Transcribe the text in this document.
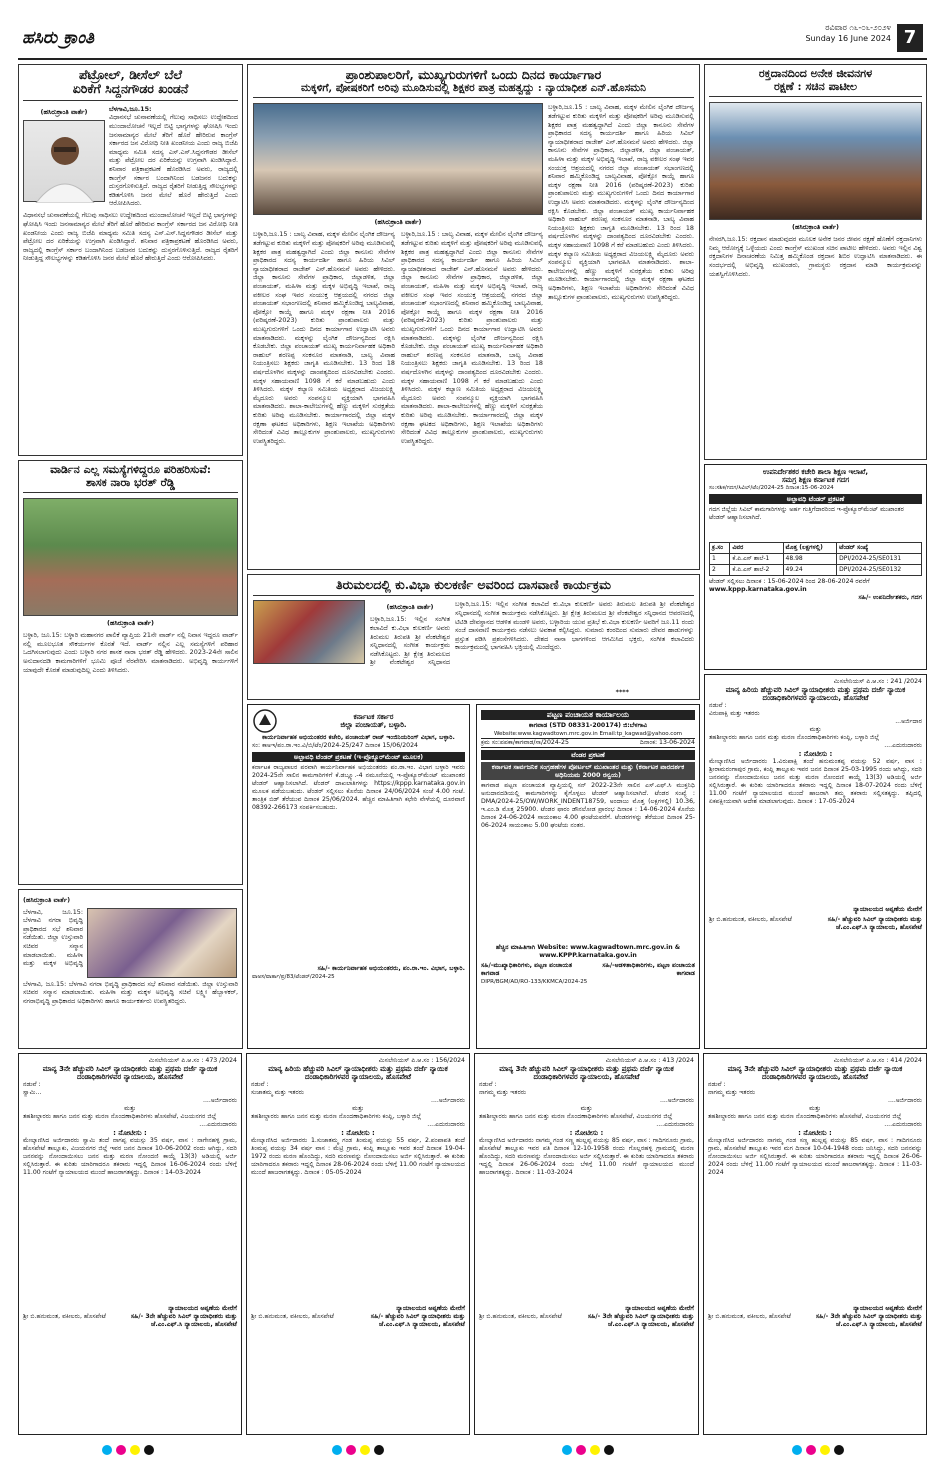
ಹಸಿರು ಕ್ರಾಂತಿ
ರವಿವಾರ ೧೬-೦೬-೨೦೨೪
Sunday 16 June 2024 7
ಪೆಟ್ರೋಲ್, ಡೀಸೆಲ್ ಬೆಲೆ
ಏರಿಕೆಗೆ ಸಿದ್ದನಗೌಡರ ಖಂಡನೆ
(ಹಸಿರುಕ್ರಾಂತಿ ವಾರ್ತೆ)	ಬೆಳಗಾವಿ,ಜೂ.15:
ವಿಧಾನಸಭೆ ಚುನಾವಣೆಯಲ್ಲಿ ಗೆಲುವು ಸಾಧಿಸಲು ಉದ್ದೇಶದಿಂದ ಮುಂದಾಲೋಚನೆ ಇಲ್ಲದೆ ಬಿಟ್ಟಿ ಭಾಗ್ಯಗಳನ್ನು ಘೋಷಿಸಿ ಇಂದು ಜನಸಾಮಾನ್ಯರ ಮೇಲೆ ತೆರಿಗೆ ಹೊರೆ ಹೇರಿರುವ ಕಾಂಗ್ರೆಸ್ ಸರ್ಕಾರದ ಜನ ವಿರೋಧಿ ನೀತಿ ಖಂಡನೀಯ ಎಂದು ರಾಜ್ಯ ಬಿಜೆಪಿ ಮಾಧ್ಯಮ ಸಮಿತಿ ಸದಸ್ಯ ಎಸ್.ಎಸ್.ಸಿದ್ದನಗೌಡರ ಡೀಸೆಲ್ ಮತ್ತು ಪೆಟ್ರೋಲ ದರ ಏರಿಕೆಯನ್ನು ಉಗ್ರವಾಗಿ ಖಂಡಿಸಿದ್ದಾರೆ. ಶನಿವಾರ ಪತ್ರಿಕಾಪ್ರಕಟಣೆ ಹೊರಡಿಸಿದ ಅವರು, ರಾಜ್ಯದಲ್ಲಿ ಕಾಂಗ್ರೆಸ್ ಸರ್ಕಾರ ಬಂದಾಗಿನಿಂದ ಬಡಜನರ ಬದುಕನ್ನು ದುಸ್ತರಗೊಳಿಸುತ್ತಿದೆ. ರಾಜ್ಯದ ರೈತರಿಗೆ ನೀಡುತ್ತಿದ್ದ ಸೌಲಭ್ಯಗಳನ್ನು ಕಡಿತಗೊಳಿಸಿ ಜನರ ಮೇಲೆ ಹೊರೆ ಹೇರುತ್ತಿದೆ ಎಂದು ಆರೋಪಿಸಿದರು.
ವಿಧಾನಸಭೆ ಚುನಾವಣೆಯಲ್ಲಿ ಗೆಲುವು ಸಾಧಿಸಲು ಉದ್ದೇಶದಿಂದ ಮುಂದಾಲೋಚನೆ ಇಲ್ಲದೆ ಬಿಟ್ಟಿ ಭಾಗ್ಯಗಳನ್ನು ಘೋಷಿಸಿ ಇಂದು ಜನಸಾಮಾನ್ಯರ ಮೇಲೆ ತೆರಿಗೆ ಹೊರೆ ಹೇರಿರುವ ಕಾಂಗ್ರೆಸ್ ಸರ್ಕಾರದ ಜನ ವಿರೋಧಿ ನೀತಿ ಖಂಡನೀಯ ಎಂದು ರಾಜ್ಯ ಬಿಜೆಪಿ ಮಾಧ್ಯಮ ಸಮಿತಿ ಸದಸ್ಯ ಎಸ್.ಎಸ್.ಸಿದ್ದನಗೌಡರ ಡೀಸೆಲ್ ಮತ್ತು ಪೆಟ್ರೋಲ ದರ ಏರಿಕೆಯನ್ನು ಉಗ್ರವಾಗಿ ಖಂಡಿಸಿದ್ದಾರೆ. ಶನಿವಾರ ಪತ್ರಿಕಾಪ್ರಕಟಣೆ ಹೊರಡಿಸಿದ ಅವರು, ರಾಜ್ಯದಲ್ಲಿ ಕಾಂಗ್ರೆಸ್ ಸರ್ಕಾರ ಬಂದಾಗಿನಿಂದ ಬಡಜನರ ಬದುಕನ್ನು ದುಸ್ತರಗೊಳಿಸುತ್ತಿದೆ. ರಾಜ್ಯದ ರೈತರಿಗೆ ನೀಡುತ್ತಿದ್ದ ಸೌಲಭ್ಯಗಳನ್ನು ಕಡಿತಗೊಳಿಸಿ ಜನರ ಮೇಲೆ ಹೊರೆ ಹೇರುತ್ತಿದೆ ಎಂದು ಆರೋಪಿಸಿದರು.
ವಾರ್ಡಿನ ಎಲ್ಲ ಸಮಸ್ಯೆಗಳಿದ್ದರೂ ಪರಿಹರಿಸುವೆ:
ಶಾಸಕ ನಾರಾ ಭರತ್ ರೆಡ್ಡಿ
(ಹಸಿರುಕ್ರಾಂತಿ ವಾರ್ತೆ)
ಬಳ್ಳಾರಿ, ಜೂ.15: ಬಳ್ಳಾರಿ ಮಹಾನಗರ ಪಾಲಿಕೆ ವ್ಯಾಪ್ತಿಯ 21ನೇ ವಾರ್ಡ್ ನಲ್ಲಿ ನಿವಾಸ ಇದ್ದರೂ ವಾರ್ಡ್ ನಲ್ಲಿ ಮೂಲಭೂತ ಸೌಕರ್ಯಗಳ ಕೊರತೆ ಇದೆ. ವಾರ್ಡ್ ನಲ್ಲಿನ ಎಲ್ಲ ಸಮಸ್ಯೆಗಳಿಗೆ ಪರಿಹಾರ ಒದಗಿಸಲಾಗುವುದು ಎಂದು ಬಳ್ಳಾರಿ ನಗರ ಶಾಸಕ ನಾರಾ ಭರತ್ ರೆಡ್ಡಿ ಹೇಳಿದರು. 2023-24ನೇ ಸಾಲಿನ ಅನುದಾನದಡಿ ಕಾಮಗಾರಿಗಳಿಗೆ ಭೂಮಿ ಪೂಜೆ ನೆರವೇರಿಸಿ ಮಾತನಾಡಿದರು. ಅಭಿವೃದ್ಧಿ ಕಾರ್ಯಗಳಿಗೆ ಯಾವುದೇ ಕೊರತೆ ಮಾಡುವುದಿಲ್ಲ ಎಂದು ತಿಳಿಸಿದರು.
(ಹಸಿರುಕ್ರಾಂತಿ ವಾರ್ತೆ)
ಬೆಳಗಾವಿ, ಜೂ.15: ಬೆಳಗಾವಿ ನಗರಾ ಭಿವೃದ್ಧಿ ಪ್ರಾಧಿಕಾರದ ಸಭೆ ಶನಿವಾರ ನಡೆಯಿತು. ಜಿಲ್ಲಾ ಉಸ್ತುವಾರಿ ಸಚಿವರ ಸನ್ಮಾನ ಮಾಡಲಾಯಿತು. ಮಹಿಳಾ ಮತ್ತು ಮಕ್ಕಳ ಅಭಿವೃದ್ಧಿ
ಬೆಳಗಾವಿ, ಜೂ.15: ಬೆಳಗಾವಿ ನಗರಾ ಭಿವೃದ್ಧಿ ಪ್ರಾಧಿಕಾರದ ಸಭೆ ಶನಿವಾರ ನಡೆಯಿತು. ಜಿಲ್ಲಾ ಉಸ್ತುವಾರಿ ಸಚಿವರ ಸನ್ಮಾನ ಮಾಡಲಾಯಿತು. ಮಹಿಳಾ ಮತ್ತು ಮಕ್ಕಳ ಅಭಿವೃದ್ಧಿ ಸಚಿವೆ ಲಕ್ಷ್ಮೀ ಹೆಬ್ಬಾಳಕರ್, ನಗರಾಭಿವೃದ್ಧಿ ಪ್ರಾಧಿಕಾರದ ಅಧಿಕಾರಿಗಳು ಹಾಗೂ ಕಾರ್ಯಕರ್ತರು ಉಪಸ್ಥಿತರಿದ್ದರು.
ಪ್ರಾಂಶುಪಾಲರಿಗೆ, ಮುಖ್ಯಗುರುಗಳಿಗೆ ಒಂದು ದಿನದ ಕಾರ್ಯಾಗಾರ
ಮಕ್ಕಳಿಗೆ, ಪೋಷಕರಿಗೆ ಅರಿವು ಮೂಡಿಸುವಲ್ಲಿ ಶಿಕ್ಷಕರ ಪಾತ್ರ ಮಹತ್ವದ್ದು : ನ್ಯಾಯಾಧೀಶ ಎನ್.ಹೊಸಮನಿ
(ಹಸಿರುಕ್ರಾಂತಿ ವಾರ್ತೆ)
ಬಳ್ಳಾರಿ,ಜೂ.15 : ಬಾಲ್ಯ ವಿವಾಹ, ಮಕ್ಕಳ ಮೇಲಿನ ಲೈಂಗಿಕ ದೌರ್ಜನ್ಯ ತಡೆಗಟ್ಟುವ ಕುರಿತು ಮಕ್ಕಳಿಗೆ ಮತ್ತು ಪೋಷಕರಿಗೆ ಅರಿವು ಮೂಡಿಸುವಲ್ಲಿ ಶಿಕ್ಷಕರ ಪಾತ್ರ ಮಹತ್ವದ್ದಾಗಿದೆ ಎಂದು ಜಿಲ್ಲಾ ಕಾನೂನು ಸೇವೆಗಳ ಪ್ರಾಧಿಕಾರದ ಸದಸ್ಯ ಕಾರ್ಯದರ್ಶಿ ಹಾಗೂ ಹಿರಿಯ ಸಿವಿಲ್ ನ್ಯಾಯಾಧೀಶರಾದ ರಾಜೇಶ್ ಎನ್.ಹೊಸಮನೆ ಅವರು ಹೇಳಿದರು. ಜಿಲ್ಲಾ ಕಾನೂನು ಸೇವೆಗಳ ಪ್ರಾಧಿಕಾರ, ಜಿಲ್ಲಾಡಳಿತ, ಜಿಲ್ಲಾ ಪಂಚಾಯತ್, ಮಹಿಳಾ ಮತ್ತು ಮಕ್ಕಳ ಅಭಿವೃದ್ಧಿ ಇಲಾಖೆ, ರಾಜ್ಯ ವಕೀಲರ ಸಂಘ ಇವರ ಸಂಯುಕ್ತ ಆಶ್ರಯದಲ್ಲಿ ನಗರದ ಜಿಲ್ಲಾ ಪಂಚಾಯತ್ ಸಭಾಂಗಣದಲ್ಲಿ ಶನಿವಾರ ಹಮ್ಮಿಕೊಂಡಿದ್ದ ಬಾಲ್ಯವಿವಾಹ, ಪೋಕ್ಸೋ ಕಾಯ್ದೆ ಹಾಗೂ ಮಕ್ಕಳ ರಕ್ಷಣಾ ನೀತಿ 2016 (ಪರಿಷ್ಕರಣೆ-2023) ಕುರಿತು ಪ್ರಾಂಶುಪಾಲರು ಮತ್ತು ಮುಖ್ಯಗುರುಗಳಿಗೆ ಒಂದು ದಿನದ ಕಾರ್ಯಾಗಾರ ಉದ್ಘಾಟಿಸಿ ಅವರು ಮಾತನಾಡಿದರು. ಮಕ್ಕಳನ್ನು ಲೈಂಗಿಕ ದೌರ್ಜನ್ಯದಿಂದ ರಕ್ಷಿಸಿ ಕೊಡಬೇಕು. ಜಿಲ್ಲಾ ಪಂಚಾಯತ್ ಮುಖ್ಯ ಕಾರ್ಯನಿರ್ವಾಹಕ ಅಧಿಕಾರಿ ರಾಹುಲ್ ಶರಣಪ್ಪ ಸಂಕನೂರ ಮಾತನಾಡಿ, ಬಾಲ್ಯ ವಿವಾಹ ನಿಯಂತ್ರಿಸಲು ಶಿಕ್ಷಕರು ಜಾಗೃತಿ ಮೂಡಿಸಬೇಕು. 13 ರಿಂದ 18 ವರ್ಷದೊಳಗಿನ ಮಕ್ಕಳನ್ನು ದಾಂಪತ್ಯದಿಂದ ದೂರವಿಡಬೇಕು ಎಂದರು. ಮಕ್ಕಳ ಸಹಾಯವಾಣಿ 1098 ಗೆ ಕರೆ ಮಾಡಬಹುದು ಎಂದು ತಿಳಿಸಿದರು. ಮಕ್ಕಳ ಕಲ್ಯಾಣ ಸಮಿತಿಯ ಅಧ್ಯಕ್ಷರಾದ ವಿಜಯಲಕ್ಷ್ಮಿ ಮೈದೂರು ಅವರು ಸಂಪನ್ಮೂಲ ವ್ಯಕ್ತಿಯಾಗಿ ಭಾಗವಹಿಸಿ ಮಾತನಾಡಿದರು. ಶಾಲಾ-ಕಾಲೇಜುಗಳಲ್ಲಿ ಹೆಣ್ಣು ಮಕ್ಕಳಿಗೆ ಸುರಕ್ಷತೆಯ ಕುರಿತು ಅರಿವು ಮೂಡಿಸಬೇಕು. ಕಾರ್ಯಾಗಾರದಲ್ಲಿ ಜಿಲ್ಲಾ ಮಕ್ಕಳ ರಕ್ಷಣಾ ಘಟಕದ ಅಧಿಕಾರಿಗಳು, ಶಿಕ್ಷಣ ಇಲಾಖೆಯ ಅಧಿಕಾರಿಗಳು ಸೇರಿದಂತೆ ವಿವಿಧ ತಾಲ್ಲೂಕುಗಳ ಪ್ರಾಂಶುಪಾಲರು, ಮುಖ್ಯಗುರುಗಳು ಉಪಸ್ಥಿತರಿದ್ದರು.
ಬಳ್ಳಾರಿ,ಜೂ.15 : ಬಾಲ್ಯ ವಿವಾಹ, ಮಕ್ಕಳ ಮೇಲಿನ ಲೈಂಗಿಕ ದೌರ್ಜನ್ಯ ತಡೆಗಟ್ಟುವ ಕುರಿತು ಮಕ್ಕಳಿಗೆ ಮತ್ತು ಪೋಷಕರಿಗೆ ಅರಿವು ಮೂಡಿಸುವಲ್ಲಿ ಶಿಕ್ಷಕರ ಪಾತ್ರ ಮಹತ್ವದ್ದಾಗಿದೆ ಎಂದು ಜಿಲ್ಲಾ ಕಾನೂನು ಸೇವೆಗಳ ಪ್ರಾಧಿಕಾರದ ಸದಸ್ಯ ಕಾರ್ಯದರ್ಶಿ ಹಾಗೂ ಹಿರಿಯ ಸಿವಿಲ್ ನ್ಯಾಯಾಧೀಶರಾದ ರಾಜೇಶ್ ಎನ್.ಹೊಸಮನೆ ಅವರು ಹೇಳಿದರು. ಜಿಲ್ಲಾ ಕಾನೂನು ಸೇವೆಗಳ ಪ್ರಾಧಿಕಾರ, ಜಿಲ್ಲಾಡಳಿತ, ಜಿಲ್ಲಾ ಪಂಚಾಯತ್, ಮಹಿಳಾ ಮತ್ತು ಮಕ್ಕಳ ಅಭಿವೃದ್ಧಿ ಇಲಾಖೆ, ರಾಜ್ಯ ವಕೀಲರ ಸಂಘ ಇವರ ಸಂಯುಕ್ತ ಆಶ್ರಯದಲ್ಲಿ ನಗರದ ಜಿಲ್ಲಾ ಪಂಚಾಯತ್ ಸಭಾಂಗಣದಲ್ಲಿ ಶನಿವಾರ ಹಮ್ಮಿಕೊಂಡಿದ್ದ ಬಾಲ್ಯವಿವಾಹ, ಪೋಕ್ಸೋ ಕಾಯ್ದೆ ಹಾಗೂ ಮಕ್ಕಳ ರಕ್ಷಣಾ ನೀತಿ 2016 (ಪರಿಷ್ಕರಣೆ-2023) ಕುರಿತು ಪ್ರಾಂಶುಪಾಲರು ಮತ್ತು ಮುಖ್ಯಗುರುಗಳಿಗೆ ಒಂದು ದಿನದ ಕಾರ್ಯಾಗಾರ ಉದ್ಘಾಟಿಸಿ ಅವರು ಮಾತನಾಡಿದರು. ಮಕ್ಕಳನ್ನು ಲೈಂಗಿಕ ದೌರ್ಜನ್ಯದಿಂದ ರಕ್ಷಿಸಿ ಕೊಡಬೇಕು. ಜಿಲ್ಲಾ ಪಂಚಾಯತ್ ಮುಖ್ಯ ಕಾರ್ಯನಿರ್ವಾಹಕ ಅಧಿಕಾರಿ ರಾಹುಲ್ ಶರಣಪ್ಪ ಸಂಕನೂರ ಮಾತನಾಡಿ, ಬಾಲ್ಯ ವಿವಾಹ ನಿಯಂತ್ರಿಸಲು ಶಿಕ್ಷಕರು ಜಾಗೃತಿ ಮೂಡಿಸಬೇಕು. 13 ರಿಂದ 18 ವರ್ಷದೊಳಗಿನ ಮಕ್ಕಳನ್ನು ದಾಂಪತ್ಯದಿಂದ ದೂರವಿಡಬೇಕು ಎಂದರು. ಮಕ್ಕಳ ಸಹಾಯವಾಣಿ 1098 ಗೆ ಕರೆ ಮಾಡಬಹುದು ಎಂದು ತಿಳಿಸಿದರು. ಮಕ್ಕಳ ಕಲ್ಯಾಣ ಸಮಿತಿಯ ಅಧ್ಯಕ್ಷರಾದ ವಿಜಯಲಕ್ಷ್ಮಿ ಮೈದೂರು ಅವರು ಸಂಪನ್ಮೂಲ ವ್ಯಕ್ತಿಯಾಗಿ ಭಾಗವಹಿಸಿ ಮಾತನಾಡಿದರು. ಶಾಲಾ-ಕಾಲೇಜುಗಳಲ್ಲಿ ಹೆಣ್ಣು ಮಕ್ಕಳಿಗೆ ಸುರಕ್ಷತೆಯ ಕುರಿತು ಅರಿವು ಮೂಡಿಸಬೇಕು. ಕಾರ್ಯಾಗಾರದಲ್ಲಿ ಜಿಲ್ಲಾ ಮಕ್ಕಳ ರಕ್ಷಣಾ ಘಟಕದ ಅಧಿಕಾರಿಗಳು, ಶಿಕ್ಷಣ ಇಲಾಖೆಯ ಅಧಿಕಾರಿಗಳು ಸೇರಿದಂತೆ ವಿವಿಧ ತಾಲ್ಲೂಕುಗಳ ಪ್ರಾಂಶುಪಾಲರು, ಮುಖ್ಯಗುರುಗಳು ಉಪಸ್ಥಿತರಿದ್ದರು.
ಬಳ್ಳಾರಿ,ಜೂ.15 : ಬಾಲ್ಯ ವಿವಾಹ, ಮಕ್ಕಳ ಮೇಲಿನ ಲೈಂಗಿಕ ದೌರ್ಜನ್ಯ ತಡೆಗಟ್ಟುವ ಕುರಿತು ಮಕ್ಕಳಿಗೆ ಮತ್ತು ಪೋಷಕರಿಗೆ ಅರಿವು ಮೂಡಿಸುವಲ್ಲಿ ಶಿಕ್ಷಕರ ಪಾತ್ರ ಮಹತ್ವದ್ದಾಗಿದೆ ಎಂದು ಜಿಲ್ಲಾ ಕಾನೂನು ಸೇವೆಗಳ ಪ್ರಾಧಿಕಾರದ ಸದಸ್ಯ ಕಾರ್ಯದರ್ಶಿ ಹಾಗೂ ಹಿರಿಯ ಸಿವಿಲ್ ನ್ಯಾಯಾಧೀಶರಾದ ರಾಜೇಶ್ ಎನ್.ಹೊಸಮನೆ ಅವರು ಹೇಳಿದರು. ಜಿಲ್ಲಾ ಕಾನೂನು ಸೇವೆಗಳ ಪ್ರಾಧಿಕಾರ, ಜಿಲ್ಲಾಡಳಿತ, ಜಿಲ್ಲಾ ಪಂಚಾಯತ್, ಮಹಿಳಾ ಮತ್ತು ಮಕ್ಕಳ ಅಭಿವೃದ್ಧಿ ಇಲಾಖೆ, ರಾಜ್ಯ ವಕೀಲರ ಸಂಘ ಇವರ ಸಂಯುಕ್ತ ಆಶ್ರಯದಲ್ಲಿ ನಗರದ ಜಿಲ್ಲಾ ಪಂಚಾಯತ್ ಸಭಾಂಗಣದಲ್ಲಿ ಶನಿವಾರ ಹಮ್ಮಿಕೊಂಡಿದ್ದ ಬಾಲ್ಯವಿವಾಹ, ಪೋಕ್ಸೋ ಕಾಯ್ದೆ ಹಾಗೂ ಮಕ್ಕಳ ರಕ್ಷಣಾ ನೀತಿ 2016 (ಪರಿಷ್ಕರಣೆ-2023) ಕುರಿತು ಪ್ರಾಂಶುಪಾಲರು ಮತ್ತು ಮುಖ್ಯಗುರುಗಳಿಗೆ ಒಂದು ದಿನದ ಕಾರ್ಯಾಗಾರ ಉದ್ಘಾಟಿಸಿ ಅವರು ಮಾತನಾಡಿದರು. ಮಕ್ಕಳನ್ನು ಲೈಂಗಿಕ ದೌರ್ಜನ್ಯದಿಂದ ರಕ್ಷಿಸಿ ಕೊಡಬೇಕು. ಜಿಲ್ಲಾ ಪಂಚಾಯತ್ ಮುಖ್ಯ ಕಾರ್ಯನಿರ್ವಾಹಕ ಅಧಿಕಾರಿ ರಾಹುಲ್ ಶರಣಪ್ಪ ಸಂಕನೂರ ಮಾತನಾಡಿ, ಬಾಲ್ಯ ವಿವಾಹ ನಿಯಂತ್ರಿಸಲು ಶಿಕ್ಷಕರು ಜಾಗೃತಿ ಮೂಡಿಸಬೇಕು. 13 ರಿಂದ 18 ವರ್ಷದೊಳಗಿನ ಮಕ್ಕಳನ್ನು ದಾಂಪತ್ಯದಿಂದ ದೂರವಿಡಬೇಕು ಎಂದರು. ಮಕ್ಕಳ ಸಹಾಯವಾಣಿ 1098 ಗೆ ಕರೆ ಮಾಡಬಹುದು ಎಂದು ತಿಳಿಸಿದರು. ಮಕ್ಕಳ ಕಲ್ಯಾಣ ಸಮಿತಿಯ ಅಧ್ಯಕ್ಷರಾದ ವಿಜಯಲಕ್ಷ್ಮಿ ಮೈದೂರು ಅವರು ಸಂಪನ್ಮೂಲ ವ್ಯಕ್ತಿಯಾಗಿ ಭಾಗವಹಿಸಿ ಮಾತನಾಡಿದರು. ಶಾಲಾ-ಕಾಲೇಜುಗಳಲ್ಲಿ ಹೆಣ್ಣು ಮಕ್ಕಳಿಗೆ ಸುರಕ್ಷತೆಯ ಕುರಿತು ಅರಿವು ಮೂಡಿಸಬೇಕು. ಕಾರ್ಯಾಗಾರದಲ್ಲಿ ಜಿಲ್ಲಾ ಮಕ್ಕಳ ರಕ್ಷಣಾ ಘಟಕದ ಅಧಿಕಾರಿಗಳು, ಶಿಕ್ಷಣ ಇಲಾಖೆಯ ಅಧಿಕಾರಿಗಳು ಸೇರಿದಂತೆ ವಿವಿಧ ತಾಲ್ಲೂಕುಗಳ ಪ್ರಾಂಶುಪಾಲರು, ಮುಖ್ಯಗುರುಗಳು ಉಪಸ್ಥಿತರಿದ್ದರು.
ತಿರುಮಲದಲ್ಲಿ ಕು.ವಿಭಾ ಕುಲಕರ್ಣಿ ಅವರಿಂದ ದಾಸವಾಣಿ ಕಾರ್ಯಕ್ರಮ
(ಹಸಿರುಕ್ರಾಂತಿ ವಾರ್ತೆ)
ಬಳ್ಳಾರಿ,ಜೂ.15: ಇಲ್ಲಿನ ಸಂಗೀತ ಕಲಾವಿದೆ ಕು.ವಿಭಾ ಕುಲಕರ್ಣಿ ಅವರು ತಿರುಮಲ ತಿರುಪತಿ ಶ್ರೀ ವೆಂಕಟೇಶ್ವರ ಸನ್ನಿಧಾನದಲ್ಲಿ ಸಂಗೀತ ಕಾರ್ಯಕ್ರಮ ನಡೆಸಿಕೊಟ್ಟರು. ಶ್ರೀ ಕ್ಷೇತ್ರ ತಿರುಮಲದ ಶ್ರೀ ವೆಂಕಟೇಶ್ವರ ಸನ್ನಿಧಾನದ
ಬಳ್ಳಾರಿ,ಜೂ.15: ಇಲ್ಲಿನ ಸಂಗೀತ ಕಲಾವಿದೆ ಕು.ವಿಭಾ ಕುಲಕರ್ಣಿ ಅವರು ತಿರುಮಲ ತಿರುಪತಿ ಶ್ರೀ ವೆಂಕಟೇಶ್ವರ ಸನ್ನಿಧಾನದಲ್ಲಿ ಸಂಗೀತ ಕಾರ್ಯಕ್ರಮ ನಡೆಸಿಕೊಟ್ಟರು. ಶ್ರೀ ಕ್ಷೇತ್ರ ತಿರುಮಲದ ಶ್ರೀ ವೆಂಕಟೇಶ್ವರ ಸನ್ನಿಧಾನದ ಆವರಣದಲ್ಲಿ ಟಿಟಿಡಿ ದೇವಸ್ಥಾನದ ಆಡಳಿತ ಮಂಡಳಿ ಅವರು, ಬಳ್ಳಾರಿಯ ಯುವ ಪ್ರತಿಭೆ ಕು.ವಿಭಾ ಕುಲಕರ್ಣಿ ಅವರಿಗೆ ಜೂ.11 ರಂದು ಸಂಜೆ ದಾಸವಾಣಿ ಕಾರ್ಯಕ್ರಮ ನಡೆಸಲು ಅವಕಾಶ ಕಲ್ಪಿಸಿದ್ದರು. ಸುಮಾರು ಕಂಠದಿಂದ ಸುಮಾರು ದೇವರ ಹಾಡುಗಳನ್ನು ಪ್ರಸ್ತುತ ಪಡಿಸಿ ಪ್ರಶಂಸೆಗಳಿಸಿದರು. ದೇಶದ ನಾನಾ ಭಾಗಗಳಿಂದ ಆಗಮಿಸಿದ ಭಕ್ತರು, ಸಂಗೀತ ಕಲಾವಿದರು ಕಾರ್ಯಕ್ರಮದಲ್ಲಿ ಭಾಗವಹಿಸಿ ಭಕ್ತಿಯಲ್ಲಿ ಮಿಂದೆದ್ದರು.
****
ಕರ್ನಾಟಕ ಸರ್ಕಾರ
ಜಿಲ್ಲಾ ಪಂಚಾಯತ್, ಬಳ್ಳಾರಿ.
ಕಾರ್ಯನಿರ್ವಾಹಕ ಅಭಿಯಂತರರ ಕಚೇರಿ, ಪಂಚಾಯತ್ ರಾಜ್ ಇಂಜಿನಿಯರಿಂಗ್ ವಿಭಾಗ, ಬಳ್ಳಾರಿ.
ಸಂ: ಕಾಅಇ/ಪಂ.ರಾ.ಇಂ.ವಿ/ಬಿ/ಟೆಂ/2024-25/247 ದಿನಾಂಕ 15/06/2024
ಅಲ್ಪಾವಧಿ ಟೆಂಡರ್ ಪ್ರಕಟಣೆ (ಇ-ಪ್ರೊಕ್ಯೂರ್‌ಮೆಂಟ್ ಮೂಲಕ)
ಕರ್ನಾಟಕ ರಾಜ್ಯಪಾಲರ ಪರವಾಗಿ ಕಾರ್ಯನಿರ್ವಾಹಕ ಅಭಿಯಂತರರು ಪಂ.ರಾ.ಇಂ. ವಿಭಾಗ ಬಳ್ಳಾರಿ ಇವರು 2024-25ನೇ ಸಾಲಿನ ಕಾಮಗಾರಿಗಳಿಗೆ ಕೆ.ಡಬ್ಲ್ಯೂ.-4 ನಮೂನೆಯಲ್ಲಿ ಇ-ಪ್ರೊಕ್ಯೂರ್‌ಮೆಂಟ್ ಮುಖಾಂತರ ಟೆಂಡರ್ ಆಹ್ವಾನಿಸಲಾಗಿದೆ. ಟೆಂಡರ್ ದಾಖಲಾತಿಗಳನ್ನು https://kppp.karnataka.gov.in ಮೂಲಕ ಪಡೆಯಬಹುದು. ಟೆಂಡರ್ ಸಲ್ಲಿಸಲು ಕೊನೆಯ ದಿನಾಂಕ 24/06/2024 ಸಂಜೆ 4.00 ಗಂಟೆ. ತಾಂತ್ರಿಕ ಬಿಡ್ ತೆರೆಯುವ ದಿನಾಂಕ 25/06/2024. ಹೆಚ್ಚಿನ ಮಾಹಿತಿಗಾಗಿ ಕಛೇರಿ ವೇಳೆಯಲ್ಲಿ ದೂರವಾಣಿ 08392-266173 ಸಂಪರ್ಕಿಸಬಹುದು.
ಸಹಿ/- ಕಾರ್ಯನಿರ್ವಾಹಕ ಅಭಿಯಂತರರು, ಪಂ.ರಾ.ಇಂ. ವಿಭಾಗ, ಬಳ್ಳಾರಿ.
ವಾಅಸ/ವಾರ್ತಾ/ಪ್ರ/83/ಟೆಂಡರ್/2024-25
ಪಟ್ಟಣ ಪಂಚಾಯತ ಕಾರ್ಯಾಲಯ
ಕಾಗವಾಡ (STD 08331-200174) ಜಿ:ಬೆಳಗಾವಿ
Website:www.kagwadtown.mrc.gov.in Email:tp_kagwad@yahoo.com
ಕ್ರಮ ಸಂ:ಪಪಕಾ/ಕಾಗವಾಡ/ಸಾ/2024-25	ದಿನಾಂಕ: 13-06-2024
ಟೆಂಡರ ಪ್ರಕಟಣೆ
ಕರ್ನಾಟಕ ಸಾರ್ವಜನಿಕ ಸಂಗ್ರಹಣೆಗಳ ಪೋರ್ಟಲ್ ಮುಖಾಂತರ ಮತ್ತು (ಕರ್ನಾಟಕ ಪಾರದರ್ಶಕ ಅಧಿನಿಯಮ 2000 ರನ್ವಯ)
ಕಾಗವಾಡ ಪಟ್ಟಣ ಪಂಚಾಯತ ವ್ಯಾಪ್ತಿಯಲ್ಲಿ ಸನ್ 2022-23ನೇ ಸಾಲಿನ ಎಸ್.ಎಫ್.ಸಿ ಮುಕ್ತನಿಧಿ ಅನುದಾನದಡಿಯಲ್ಲಿ ಕಾಮಗಾರಿಗಳನ್ನು ಕೈಗೊಳ್ಳಲು ಟೆಂಡರ್ ಆಹ್ವಾನಿಸಲಾಗಿದೆ. ಟೆಂಡರ ಸಂಖ್ಯೆ : DMA/2024-25/OW/WORK_INDENT18759, ಅಂದಾಜು ಮೊತ್ತ (ಲಕ್ಷಗಳಲ್ಲಿ) 10.36, ಇ.ಎಂ.ಡಿ ಮೊತ್ತ 25900. ಟೆಂಡರ ಫಾರಂ ಡೌನಲೋಡ ಪ್ರಾರಂಭ ದಿನಾಂಕ : 14-06-2024 ಕೊನೆಯ ದಿನಾಂಕ 24-06-2024 ಸಾಯಂಕಾಲ 4.00 ಘಂಟೆಯವರೆಗೆ. ಟೆಂಡರಗಳನ್ನು ತೆರೆಯುವ ದಿನಾಂಕ 25-06-2024 ಸಾಯಂಕಾಲ 5.00 ಘಂಟೆಯ ನಂತರ.
ಹೆಚ್ಚಿನ ಮಾಹಿತಿಗಾಗಿ Website: www.kagwadtown.mrc.gov.in & www.KPPP.karnataka.gov.in
ಸಹಿ/-ಮುಖ್ಯಾಧಿಕಾರಿಗಳು, ಪಟ್ಟಣ ಪಂಚಾಯತ ಕಾಗವಾಡ
ಸಹಿ/-ಆಡಳಿತಾಧಿಕಾರಿಗಳು, ಪಟ್ಟಣ ಪಂಚಾಯತ ಕಾಗವಾಡ
DIPR/BGM/AD/RO-133/KKMCA/2024-25
ರಕ್ತದಾನದಿಂದ ಅನೇಕ ಜೀವನಗಳ
ರಕ್ಷಣೆ : ಸಚಿನ ಪಾಟೀಲ
(ಹಸಿರುಕ್ರಾಂತಿ ವಾರ್ತೆ)
ನೇಸರಗಿ,ಜೂ.15: ರಕ್ತದಾನ ಮಾಡುವುದರ ಮೂಲಕ ಅನೇಕ ಜನರ ಜೀವನ ರಕ್ಷಣೆ ಹೊಣೆಗೆ ರಕ್ತದಾನಿಗಳು ನಿಮ್ಮ ಆರೋಗ್ಯಕ್ಕೆ ಒಳ್ಳೆಯದು ಎಂದು ಕಾಂಗ್ರೆಸ್ ಮುಖಂಡ ಸಚಿನ ಪಾಟೀಲ ಹೇಳಿದರು. ಅವರು ಇಲ್ಲಿನ ವಿಶ್ವ ರಕ್ತದಾನಿಗಳ ದಿನಾಚರಣೆಯ ನಿಮಿತ್ತ ಹಮ್ಮಿಕೊಂಡ ರಕ್ತದಾನ ಶಿಬಿರ ಉದ್ಘಾಟಿಸಿ ಮಾತನಾಡಿದರು. ಈ ಸಂದರ್ಭದಲ್ಲಿ ಅಭಿವೃದ್ಧಿ ಮುಖಂಡರು, ಗ್ರಾಮಸ್ಥರು ರಕ್ತದಾನ ಮಾಡಿ ಕಾರ್ಯಕ್ರಮವನ್ನು ಯಶಸ್ವಿಗೊಳಿಸಿದರು.
ಉಪನಿರ್ದೇಶಕರ ಕಚೇರಿ ಶಾಲಾ ಶಿಕ್ಷಣ ಇಲಾಖೆ,
ಸಮಗ್ರ ಶಿಕ್ಷಣ ಕರ್ನಾಟಕ ಗದಗ
ಸಂ:ಸಶಿಕ/ಗದಗ/ಸಿವಿಲ್/ಟೆಂ/2024-25 ದಿನಾಂಕ:15-06-2024
ಅಲ್ಪಾವಧಿ ಟೆಂಡರ್ ಪ್ರಕಟಣೆ
ಗದಗ ಜಿಲ್ಲೆಯ ಸಿವಿಲ್ ಕಾಮಗಾರಿಗಳನ್ನು ಅರ್ಹ ಗುತ್ತಿಗೆದಾರರಿಂದ ಇ-ಪ್ರೊಕ್ಯೂರ್‌ಮೆಂಟ್ ಮುಖಾಂತರ ಟೆಂಡರ್ ಆಹ್ವಾನಿಸಲಾಗಿದೆ.
ಕ್ರ.ಸಂ	ವಿವರ	ಮೊತ್ತ (ಲಕ್ಷಗಳಲ್ಲಿ)	ಟೆಂಡರ್ ಸಂಖ್ಯೆ
1	ಕೆ.ಪಿ.ಎಸ್ ಶಾಲೆ-1	48.98	DPI/2024-25/SE0131
2	ಕೆ.ಪಿ.ಎಸ್ ಶಾಲೆ-2	49.24	DPI/2024-25/SE0132
ಟೆಂಡರ್ ಸಲ್ಲಿಸಲು ದಿನಾಂಕ : 15-06-2024 ರಿಂದ 28-06-2024 ರವರೆಗೆ
www.kppp.karnataka.gov.in
ಸಹಿ/- ಉಪನಿರ್ದೇಶಕರು, ಗದಗ
ಮಿಸಲೇನಿಯಸ್ ಪಿ.ಆ.ಸಂ : 241 /2024
ಮಾನ್ಯ ಹಿರಿಯ ಹೆಚ್ಚುವರಿ ಸಿವಿಲ್ ನ್ಯಾಯಾಧೀಶರು ಮತ್ತು ಪ್ರಥಮ ದರ್ಜೆ ನ್ಯಾಯಿಕ ದಂಡಾಧಿಕಾರಿಗಳವರ ನ್ಯಾಯಾಲಯ, ಹೊಸಪೇಟೆ
ನಡುವೆ :
ವಿರುಪಾಕ್ಷಿ ಮತ್ತು ಇತರರು
...ಅರ್ಜಿದಾರ
ಮತ್ತು
ತಹಶೀಲ್ದಾರರು ಹಾಗೂ ಜನನ ಮತ್ತು ಮರಣ ನೊಂದಣಾಧಿಕಾರಿಗಳು ಕಂಪ್ಲಿ, ಬಳ್ಳಾರಿ ಜಿಲ್ಲೆ
....ಎದುರುದಾರರು
: ನೋಟೀಸು :
ಮೇಲ್ಕಾಣಿಸಿದ ಅರ್ಜಿದಾರರು 1.ವಿರುಪಾಕ್ಷಿ ತಂದೆ ಹನುಮಂತಪ್ಪ ವಯಸ್ಸು 52 ವರ್ಷ, ವಾಸ : ಶ್ರೀರಾಮರಂಗಾಪುರ ಗ್ರಾಮ, ಕಂಪ್ಲಿ ತಾಲ್ಲೂಕು ಇವರ ಜನನ ದಿನಾಂಕ 25-03-1995 ರಂದು ಆಗಿದ್ದು, ಸದರಿ ಜನನವನ್ನು ನೋಂದಾಯಿಸಲು ಜನನ ಮತ್ತು ಮರಣ ನೋಂದಣಿ ಕಾಯ್ದೆ 13(3) ಅಡಿಯಲ್ಲಿ ಅರ್ಜಿ ಸಲ್ಲಿಸಿರುತ್ತಾರೆ. ಈ ಕುರಿತು ಯಾರಿಗಾದರೂ ತಕರಾರು ಇದ್ದಲ್ಲಿ ದಿನಾಂಕ 18-07-2024 ರಂದು ಬೆಳಿಗ್ಗೆ 11.00 ಗಂಟೆಗೆ ನ್ಯಾಯಾಲಯದ ಮುಂದೆ ಹಾಜರಾಗಿ ತಮ್ಮ ತಕರಾರು ಸಲ್ಲಿಸತಕ್ಕದ್ದು. ತಪ್ಪಿದಲ್ಲಿ ಏಕಪಕ್ಷೀಯವಾಗಿ ಆದೇಶ ಮಾಡಲಾಗುವುದು. ದಿನಾಂಕ : 17-05-2024
ನ್ಯಾಯಾಲಯದ ಅಪ್ಪಣೆಯ ಮೇರೆಗೆ
ಶ್ರೀ ಬಿ.ಹನುಮಂತ, ವಕೀಲರು, ಹೊಸಪೇಟೆ	ಸಹಿ/- ಹೆಚ್ಚುವರಿ ಸಿವಿಲ್ ನ್ಯಾಯಾಧೀಶರು ಮತ್ತು ಜೆ.ಎಂ.ಎಫ್.ಸಿ ನ್ಯಾಯಾಲಯ, ಹೊಸಪೇಟೆ
ಮಿಸಲೇನಿಯಸ್ ಪಿ.ಆ.ಸಂ : 473 /2024
ಮಾನ್ಯ 3ನೇ ಹೆಚ್ಚುವರಿ ಸಿವಿಲ್ ನ್ಯಾಯಾಧೀಶರು ಮತ್ತು ಪ್ರಥಮ ದರ್ಜೆ ನ್ಯಾಯಿಕ ದಂಡಾಧಿಕಾರಿಗಳವರ ನ್ಯಾಯಾಲಯ, ಹೊಸಪೇಟೆ
ನಡುವೆ :
ಸ್ವಾಮಿ...
....ಅರ್ಜಿದಾರರು
ಮತ್ತು
ತಹಶೀಲ್ದಾರರು ಹಾಗೂ ಜನನ ಮತ್ತು ಮರಣ ನೊಂದಣಾಧಿಕಾರಿಗಳು ಹೊಸಪೇಟೆ, ವಿಜಯನಗರ ಜಿಲ್ಲೆ
....ಎದುರುದಾರರು
: ನೋಟೀಸು :
ಮೇಲ್ಕಾಣಿಸಿದ ಅರ್ಜಿದಾರರು ಸ್ವಾಮಿ ತಂದೆ ನಾಗಪ್ಪ ವಯಸ್ಸು 35 ವರ್ಷ, ವಾಸ : ನಾಗೇನಹಳ್ಳಿ ಗ್ರಾಮ, ಹೊಸಪೇಟೆ ತಾಲ್ಲೂಕು, ವಿಜಯನಗರ ಜಿಲ್ಲೆ ಇವರ ಜನನ ದಿನಾಂಕ 10-06-2002 ರಂದು ಆಗಿದ್ದು, ಸದರಿ ಜನನವನ್ನು ನೋಂದಾಯಿಸಲು ಜನನ ಮತ್ತು ಮರಣ ನೋಂದಣಿ ಕಾಯ್ದೆ 13(3) ಅಡಿಯಲ್ಲಿ ಅರ್ಜಿ ಸಲ್ಲಿಸಿರುತ್ತಾರೆ. ಈ ಕುರಿತು ಯಾರಿಗಾದರೂ ತಕರಾರು ಇದ್ದಲ್ಲಿ ದಿನಾಂಕ 16-06-2024 ರಂದು ಬೆಳಿಗ್ಗೆ 11.00 ಗಂಟೆಗೆ ನ್ಯಾಯಾಲಯದ ಮುಂದೆ ಹಾಜರಾಗತಕ್ಕದ್ದು. ದಿನಾಂಕ : 14-03-2024
ನ್ಯಾಯಾಲಯದ ಅಪ್ಪಣೆಯ ಮೇರೆಗೆ
ಶ್ರೀ ಬಿ.ಹನುಮಂತ, ವಕೀಲರು, ಹೊಸಪೇಟೆ	ಸಹಿ/- 3ನೇ ಹೆಚ್ಚುವರಿ ಸಿವಿಲ್ ನ್ಯಾಯಾಧೀಶರು ಮತ್ತು ಜೆ.ಎಂ.ಎಫ್.ಸಿ ನ್ಯಾಯಾಲಯ, ಹೊಸಪೇಟೆ
ಮಿಸಲೇನಿಯಸ್ ಪಿ.ಆ.ಸಂ : 156/2024
ಮಾನ್ಯ ಹಿರಿಯ ಹೆಚ್ಚುವರಿ ಸಿವಿಲ್ ನ್ಯಾಯಾಧೀಶರು ಮತ್ತು ಪ್ರಥಮ ದರ್ಜೆ ನ್ಯಾಯಿಕ ದಂಡಾಧಿಕಾರಿಗಳವರ ನ್ಯಾಯಾಲಯ, ಹೊಸಪೇಟೆ
ನಡುವೆ :
ಸುಜಾತಮ್ಮ ಮತ್ತು ಇತರರು
....ಅರ್ಜಿದಾರರು
ಮತ್ತು
ತಹಶೀಲ್ದಾರರು ಹಾಗೂ ಜನನ ಮತ್ತು ಮರಣ ನೊಂದಣಾಧಿಕಾರಿಗಳು ಕಂಪ್ಲಿ, ಬಳ್ಳಾರಿ ಜಿಲ್ಲೆ
....ಎದುರುದಾರರು
: ನೋಟೀಸು :
ಮೇಲ್ಕಾಣಿಸಿದ ಅರ್ಜಿದಾರರು 1.ಸುಜಾತಮ್ಮ ಗಂಡ ತಿಂಮಪ್ಪ ವಯಸ್ಸು 55 ವರ್ಷ, 2.ಪಂಪಾಪತಿ ತಂದೆ ತಿಂಮಪ್ಪ ವಯಸ್ಸು 34 ವರ್ಷ ವಾಸ : ಮೆಟ್ರಿ ಗ್ರಾಮ, ಕಂಪ್ಲಿ ತಾಲ್ಲೂಕು ಇವರ ತಂದೆ ದಿನಾಂಕ 19-04-1972 ರಂದು ಮರಣ ಹೊಂದಿದ್ದು, ಸದರಿ ಮರಣವನ್ನು ನೋಂದಾಯಿಸಲು ಅರ್ಜಿ ಸಲ್ಲಿಸಿರುತ್ತಾರೆ. ಈ ಕುರಿತು ಯಾರಿಗಾದರೂ ತಕರಾರು ಇದ್ದಲ್ಲಿ ದಿನಾಂಕ 28-06-2024 ರಂದು ಬೆಳಿಗ್ಗೆ 11.00 ಗಂಟೆಗೆ ನ್ಯಾಯಾಲಯದ ಮುಂದೆ ಹಾಜರಾಗತಕ್ಕದ್ದು. ದಿನಾಂಕ : 05-05-2024
ನ್ಯಾಯಾಲಯದ ಅಪ್ಪಣೆಯ ಮೇರೆಗೆ
ಶ್ರೀ ಬಿ.ಹನುಮಂತ, ವಕೀಲರು, ಹೊಸಪೇಟೆ	ಸಹಿ/- ಹೆಚ್ಚುವರಿ ಸಿವಿಲ್ ನ್ಯಾಯಾಧೀಶರು ಮತ್ತು ಜೆ.ಎಂ.ಎಫ್.ಸಿ ನ್ಯಾಯಾಲಯ, ಹೊಸಪೇಟೆ
ಮಿಸಲೇನಿಯಸ್ ಪಿ.ಆ.ಸಂ : 413 /2024
ಮಾನ್ಯ 3ನೇ ಹೆಚ್ಚುವರಿ ಸಿವಿಲ್ ನ್ಯಾಯಾಧೀಶರು ಮತ್ತು ಪ್ರಥಮ ದರ್ಜೆ ನ್ಯಾಯಿಕ ದಂಡಾಧಿಕಾರಿಗಳವರ ನ್ಯಾಯಾಲಯ, ಹೊಸಪೇಟೆ
ನಡುವೆ :
ನಾಗಮ್ಮ ಮತ್ತು ಇತರರು
....ಅರ್ಜಿದಾರರು
ಮತ್ತು
ತಹಶೀಲ್ದಾರರು ಹಾಗೂ ಜನನ ಮತ್ತು ಮರಣ ನೊಂದಣಾಧಿಕಾರಿಗಳು ಹೊಸಪೇಟೆ, ವಿಜಯನಗರ ಜಿಲ್ಲೆ
....ಎದುರುದಾರರು
: ನೋಟೀಸು :
ಮೇಲ್ಕಾಣಿಸಿದ ಅರ್ಜಿದಾರರು ನಾಗಮ್ಮ ಗಂಡ ಸಣ್ಣ ಹುಲ್ಲಪ್ಪ ವಯಸ್ಸು 85 ವರ್ಷ, ವಾಸ : ಗಾದಿಗನೂರು ಗ್ರಾಮ, ಹೊಸಪೇಟೆ ತಾಲ್ಲೂಕು ಇವರ ಪತಿ ದಿನಾಂಕ 12-10-1958 ರಂದು ಗೊಲ್ಲರಹಳ್ಳಿ ಗ್ರಾಮದಲ್ಲಿ ಮರಣ ಹೊಂದಿದ್ದು, ಸದರಿ ಮರಣವನ್ನು ನೋಂದಾಯಿಸಲು ಅರ್ಜಿ ಸಲ್ಲಿಸಿರುತ್ತಾರೆ. ಈ ಕುರಿತು ಯಾರಿಗಾದರೂ ತಕರಾರು ಇದ್ದಲ್ಲಿ ದಿನಾಂಕ 26-06-2024 ರಂದು ಬೆಳಿಗ್ಗೆ 11.00 ಗಂಟೆಗೆ ನ್ಯಾಯಾಲಯದ ಮುಂದೆ ಹಾಜರಾಗತಕ್ಕದ್ದು. ದಿನಾಂಕ : 11-03-2024
ನ್ಯಾಯಾಲಯದ ಅಪ್ಪಣೆಯ ಮೇರೆಗೆ
ಶ್ರೀ ಬಿ.ಹನುಮಂತ, ವಕೀಲರು, ಹೊಸಪೇಟೆ	ಸಹಿ/- 3ನೇ ಹೆಚ್ಚುವರಿ ಸಿವಿಲ್ ನ್ಯಾಯಾಧೀಶರು ಮತ್ತು ಜೆ.ಎಂ.ಎಫ್.ಸಿ ನ್ಯಾಯಾಲಯ, ಹೊಸಪೇಟೆ
ಮಿಸಲೇನಿಯಸ್ ಪಿ.ಆ.ಸಂ : 414 /2024
ಮಾನ್ಯ 3ನೇ ಹೆಚ್ಚುವರಿ ಸಿವಿಲ್ ನ್ಯಾಯಾಧೀಶರು ಮತ್ತು ಪ್ರಥಮ ದರ್ಜೆ ನ್ಯಾಯಿಕ ದಂಡಾಧಿಕಾರಿಗಳವರ ನ್ಯಾಯಾಲಯ, ಹೊಸಪೇಟೆ
ನಡುವೆ :
ನಾಗಮ್ಮ ಮತ್ತು ಇತರರು
....ಅರ್ಜಿದಾರರು
ಮತ್ತು
ತಹಶೀಲ್ದಾರರು ಹಾಗೂ ಜನನ ಮತ್ತು ಮರಣ ನೊಂದಣಾಧಿಕಾರಿಗಳು ಹೊಸಪೇಟೆ, ವಿಜಯನಗರ ಜಿಲ್ಲೆ
....ಎದುರುದಾರರು
: ನೋಟೀಸು :
ಮೇಲ್ಕಾಣಿಸಿದ ಅರ್ಜಿದಾರರು ನಾಗಮ್ಮ ಗಂಡ ಸಣ್ಣ ಹುಲ್ಲಪ್ಪ ವಯಸ್ಸು 85 ವರ್ಷ, ವಾಸ : ಗಾದಿಗನೂರು ಗ್ರಾಮ, ಹೊಸಪೇಟೆ ತಾಲ್ಲೂಕು ಇವರ ಮಗ ದಿನಾಂಕ 10-04-1948 ರಂದು ಜನಿಸಿದ್ದು, ಸದರಿ ಜನನವನ್ನು ನೋಂದಾಯಿಸಲು ಅರ್ಜಿ ಸಲ್ಲಿಸಿರುತ್ತಾರೆ. ಈ ಕುರಿತು ಯಾರಿಗಾದರೂ ತಕರಾರು ಇದ್ದಲ್ಲಿ ದಿನಾಂಕ 26-06-2024 ರಂದು ಬೆಳಿಗ್ಗೆ 11.00 ಗಂಟೆಗೆ ನ್ಯಾಯಾಲಯದ ಮುಂದೆ ಹಾಜರಾಗತಕ್ಕದ್ದು. ದಿನಾಂಕ : 11-03-2024
ನ್ಯಾಯಾಲಯದ ಅಪ್ಪಣೆಯ ಮೇರೆಗೆ
ಶ್ರೀ ಬಿ.ಹನುಮಂತ, ವಕೀಲರು, ಹೊಸಪೇಟೆ	ಸಹಿ/- 3ನೇ ಹೆಚ್ಚುವರಿ ಸಿವಿಲ್ ನ್ಯಾಯಾಧೀಶರು ಮತ್ತು ಜೆ.ಎಂ.ಎಫ್.ಸಿ ನ್ಯಾಯಾಲಯ, ಹೊಸಪೇಟೆ
